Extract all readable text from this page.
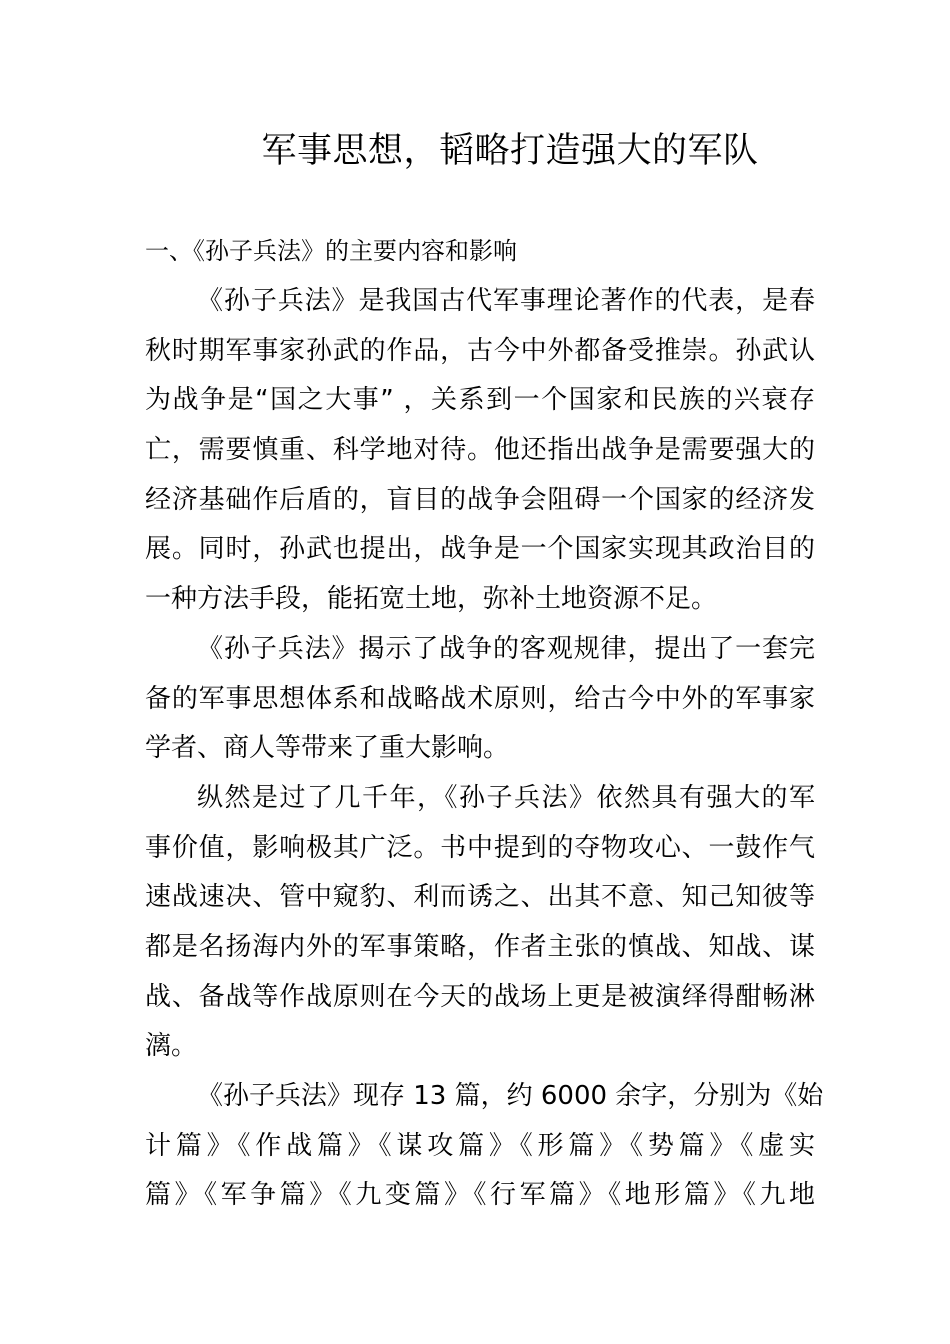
军事思想，韬略打造强大的军队
一、《孙子兵法》的主要内容和影响
《孙子兵法》是我国古代军事理论著作的代表，是春
秋时期军事家孙武的作品，古今中外都备受推崇。孙武认
为战争是“国之大事” ，关系到一个国家和民族的兴衰存
亡，需要慎重、科学地对待。他还指出战争是需要强大的
经济基础作后盾的，盲目的战争会阻碍一个国家的经济发
展。同时，孙武也提出，战争是一个国家实现其政治目的
一种方法手段，能拓宽土地，弥补土地资源不足。
《孙子兵法》揭示了战争的客观规律，提出了一套完
备的军事思想体系和战略战术原则，给古今中外的军事家
学者、商人等带来了重大影响。
纵然是过了几千年，《孙子兵法》依然具有强大的军
事价值，影响极其广泛。书中提到的夺物攻心、一鼓作气
速战速决、管中窥豹、利而诱之、出其不意、知己知彼等
都是名扬海内外的军事策略，作者主张的慎战、知战、谋
战、备战等作战原则在今天的战场上更是被演绎得酣畅淋
漓。
《孙子兵法》现存 13 篇，约 6000 余字，分别为《始
计篇》《作战篇》《谋攻篇》《形篇》《势篇》《虚实
篇》《军争篇》《九变篇》《行军篇》《地形篇》《九地
